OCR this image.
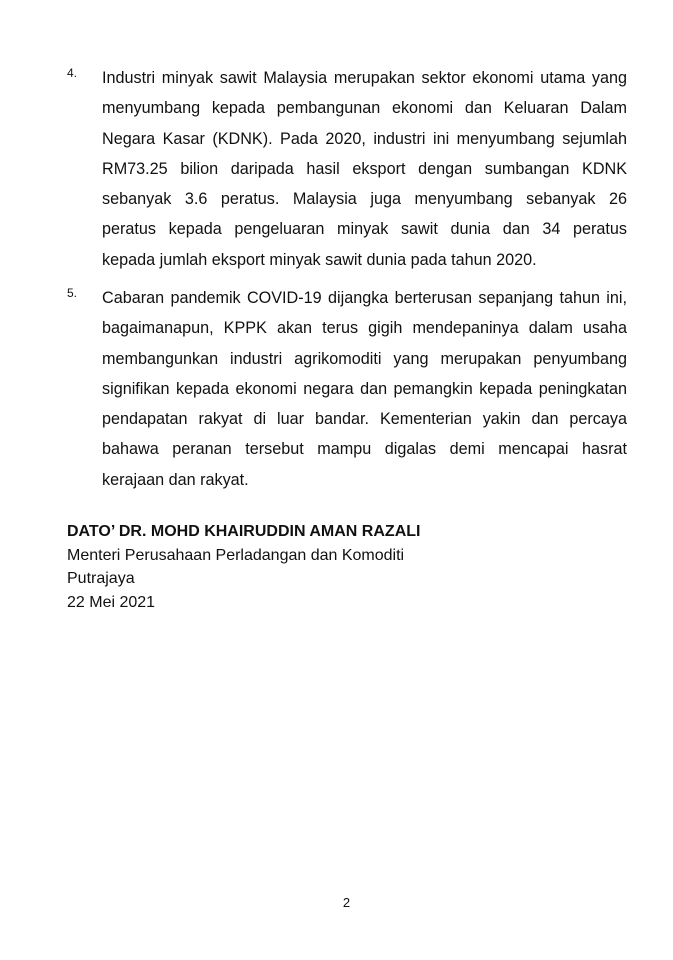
4. Industri minyak sawit Malaysia merupakan sektor ekonomi utama yang
menyumbang kepada pembangunan ekonomi dan Keluaran Dalam
Negara Kasar (KDNK). Pada 2020, industri ini menyumbang sejumlah
RM73.25 bilion daripada hasil eksport dengan sumbangan KDNK
sebanyak 3.6 peratus. Malaysia juga menyumbang sebanyak 26
peratus kepada pengeluaran minyak sawit dunia dan 34 peratus
kepada jumlah eksport minyak sawit dunia pada tahun 2020.
5. Cabaran pandemik COVID-19 dijangka berterusan sepanjang tahun ini,
bagaimanapun, KPPK akan terus gigih mendepaninya dalam usaha
membangunkan industri agrikomoditi yang merupakan penyumbang
signifikan kepada ekonomi negara dan pemangkin kepada peningkatan
pendapatan rakyat di luar bandar. Kementerian yakin dan percaya
bahawa peranan tersebut mampu digalas demi mencapai hasrat
kerajaan dan rakyat.
DATO’ DR. MOHD KHAIRUDDIN AMAN RAZALI
Menteri Perusahaan Perladangan dan Komoditi
Putrajaya
22 Mei 2021
2
